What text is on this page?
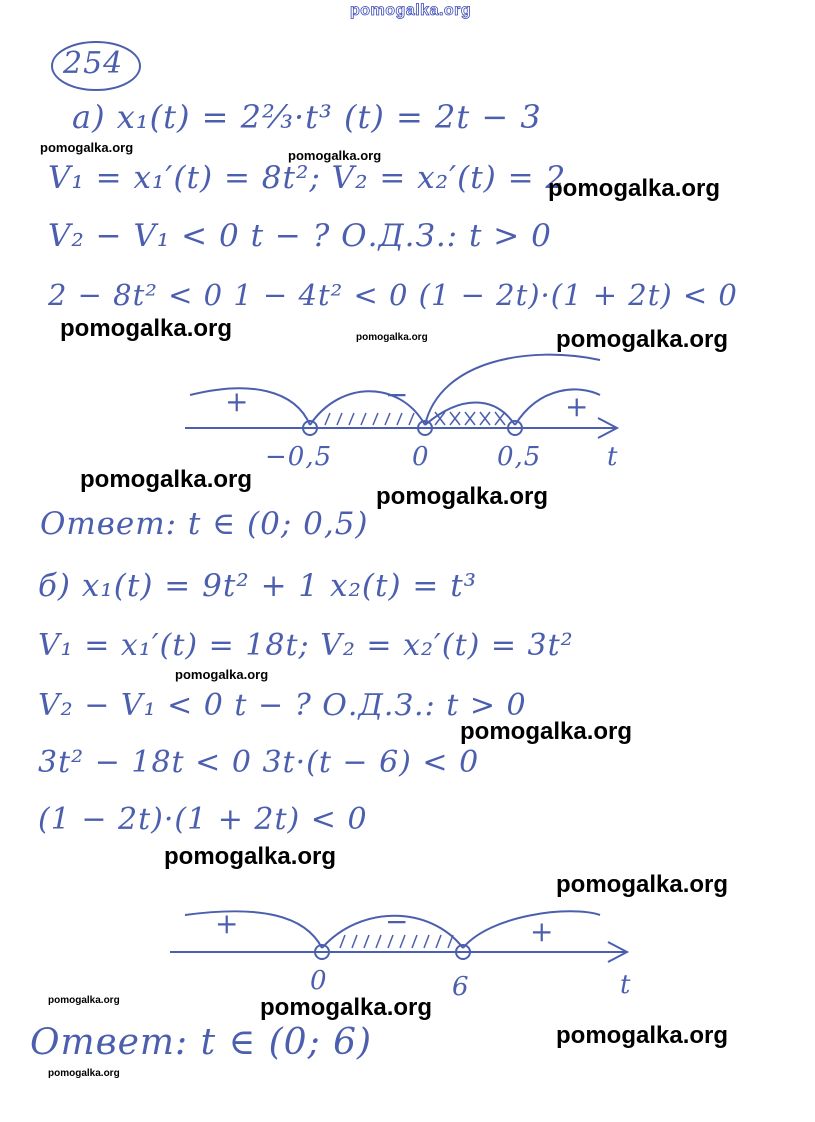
pomogalka.org
254
а) x₁(t) = 2⅔·t³ (t) = 2t − 3
V₁ = x₁′(t) = 8t²; V₂ = x₂′(t) = 2
V₂ − V₁ < 0 t − ? О.Д.З.: t > 0
2 − 8t² < 0 1 − 4t² < 0 (1 − 2t)·(1 + 2t) < 0
+	−	+
−0,5	0	0,5	t
Ответ: t ∈ (0; 0,5)
б) x₁(t) = 9t² + 1 x₂(t) = t³
V₁ = x₁′(t) = 18t; V₂ = x₂′(t) = 3t²
V₂ − V₁ < 0 t − ? О.Д.З.: t > 0
3t² − 18t < 0 3t·(t − 6) < 0
(1 − 2t)·(1 + 2t) < 0
+	−	+
0	6	t
Ответ: t ∈ (0; 6)
pomogalka.org
pomogalka.org
pomogalka.org
pomogalka.org	pomogalka.org	pomogalka.org
pomogalka.org
pomogalka.org
pomogalka.org
pomogalka.org
pomogalka.org
pomogalka.org
pomogalka.org	pomogalka.org
pomogalka.org
pomogalka.org
